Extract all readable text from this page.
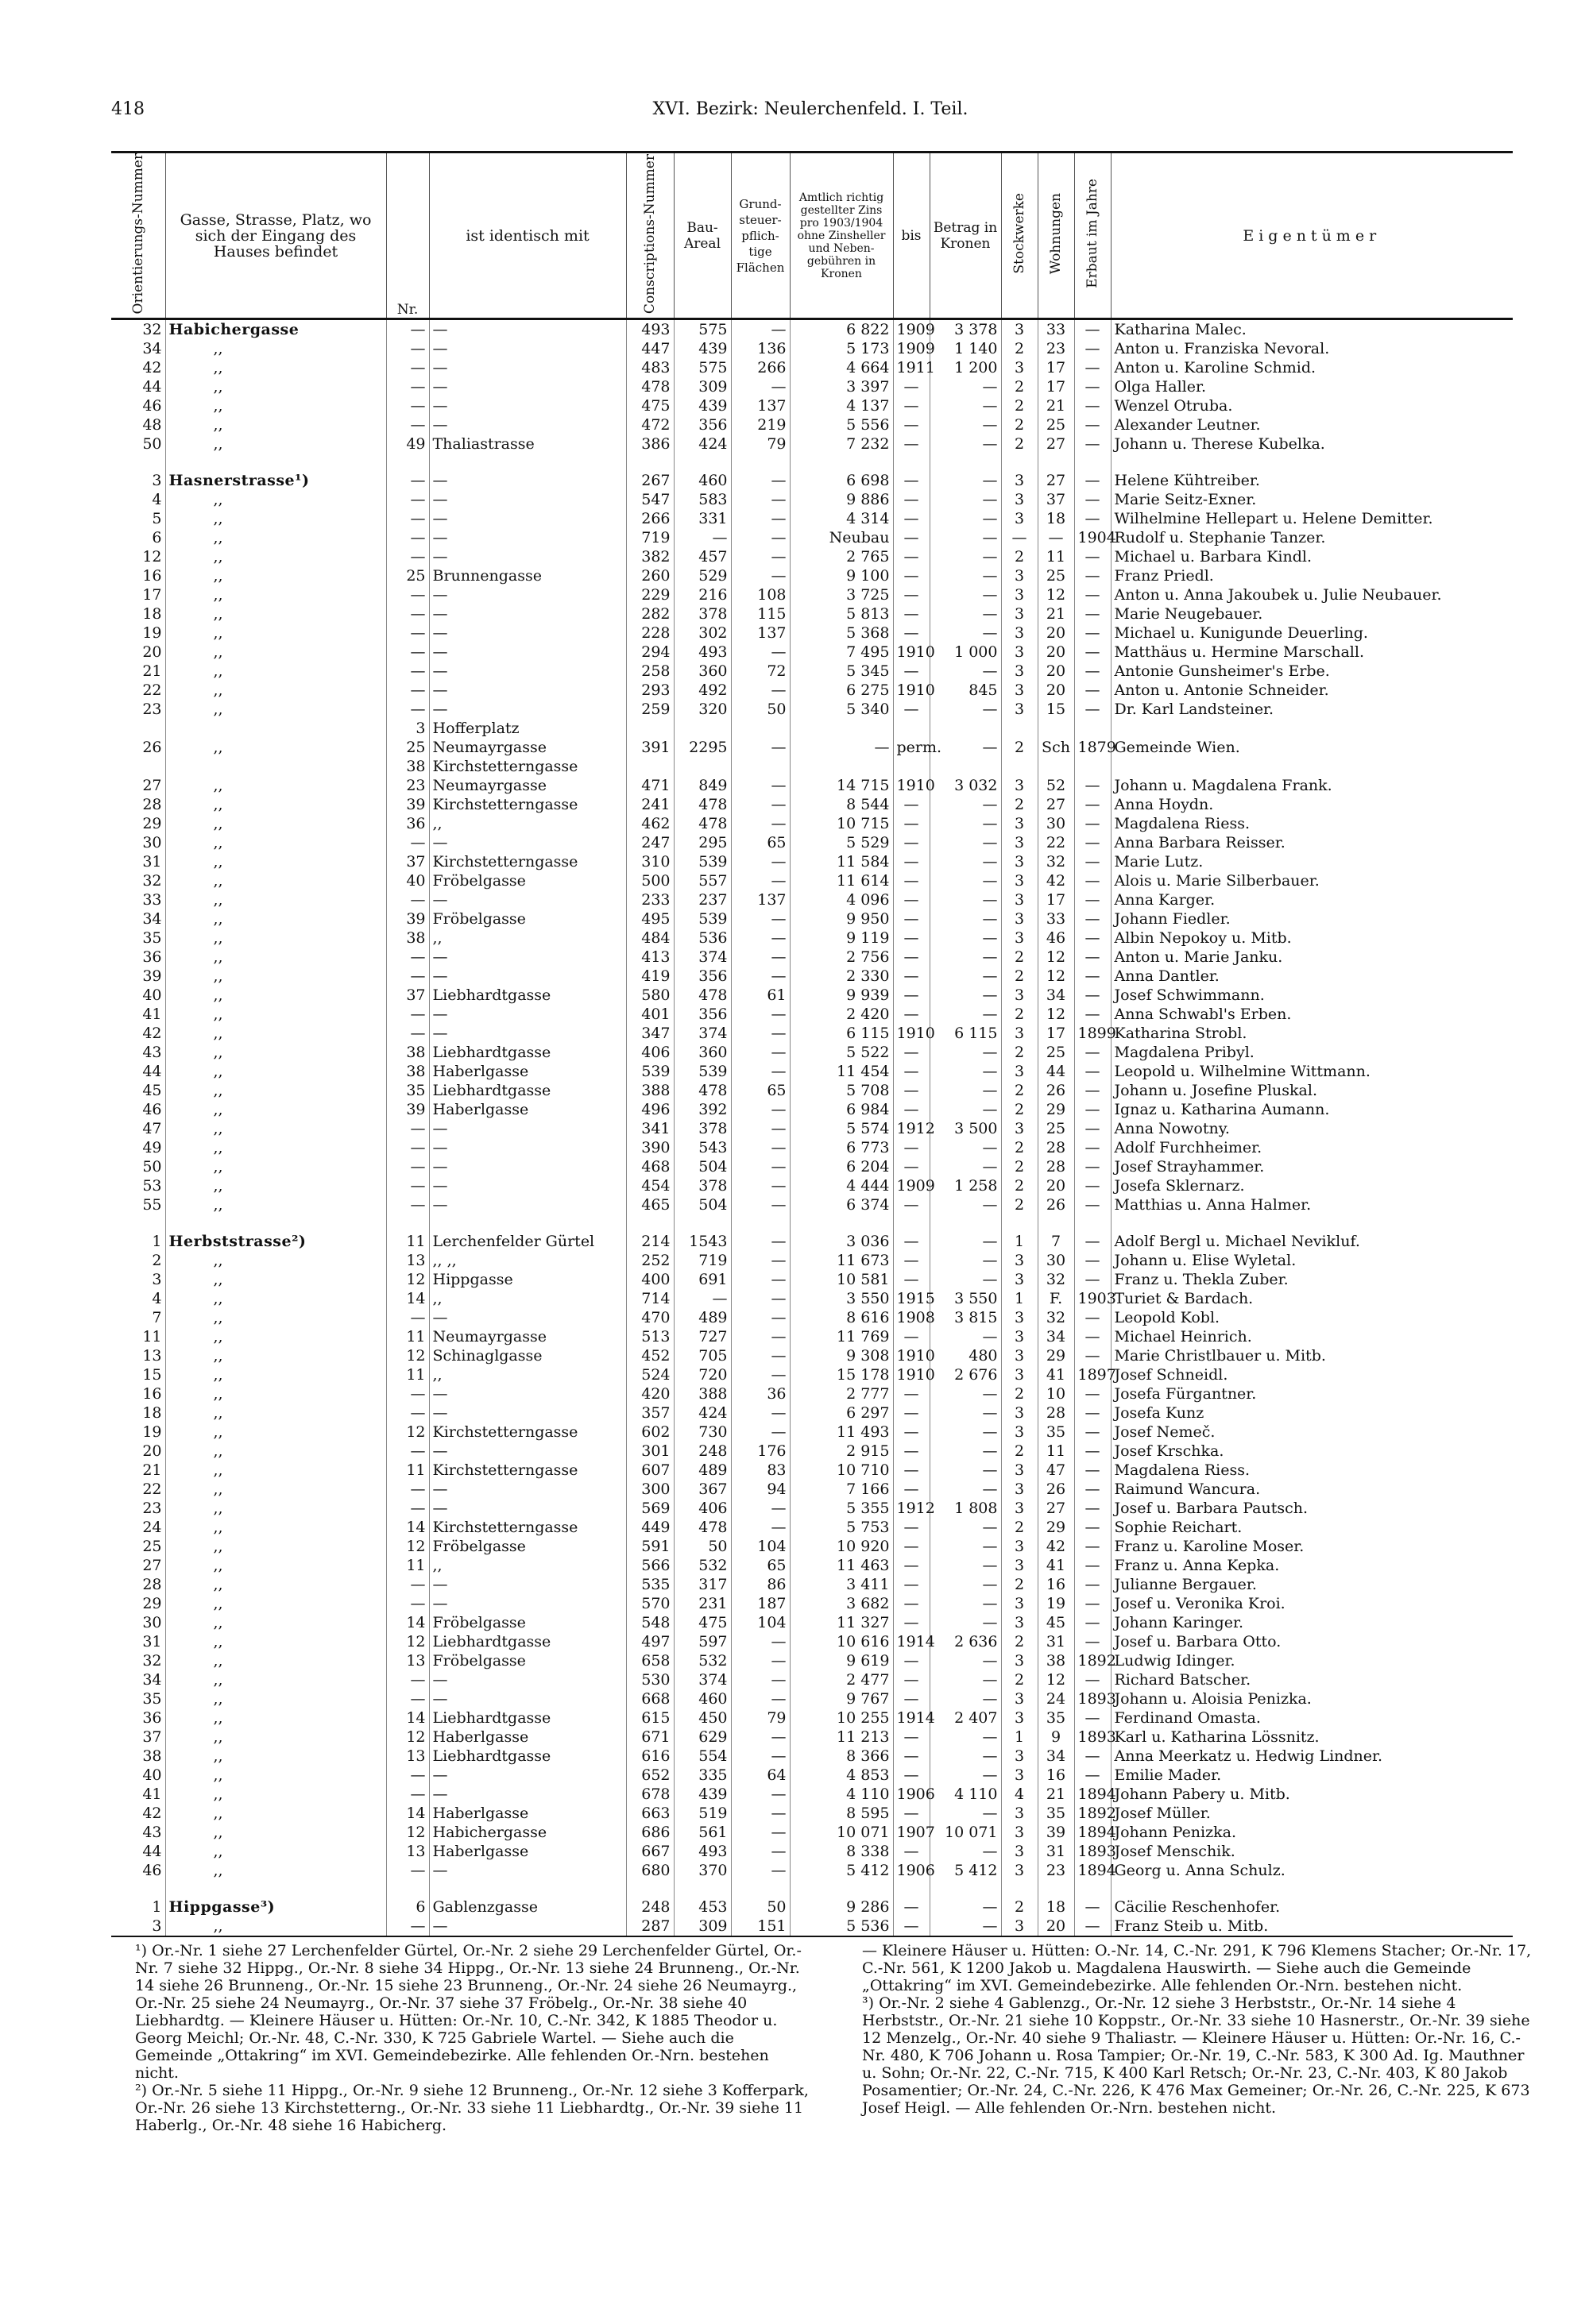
418	XVI. Bezirk: Neulerchenfeld. I. Teil.
Orientierungs-Nummer	Gasse, Strasse, Platz, wo sich der Eingang des Hauses befindet	Nr.	ist identisch mit	Conscriptions-Nummer	Bau-Areal	Grund-steuer-pflich-tige Flächen	Amtlich richtig gestellter Zins pro 1903/1904 ohne Zinsheller und Neben-gebühren in Kronen	bis	Betrag in Kronen	Stockwerke	Wohnungen	Erbaut im Jahre	Eigentümer
32	Habichergasse	—	—	493	575	—	6 822	1909	3 378	3	33	—	Katharina Malec.
34	,,	—	—	447	439	136	5 173	1909	1 140	2	23	—	Anton u. Franziska Nevoral.
42	,,	—	—	483	575	266	4 664	1911	1 200	3	17	—	Anton u. Karoline Schmid.
44	,,	—	—	478	309	—	3 397	—	—	2	17	—	Olga Haller.
46	,,	—	—	475	439	137	4 137	—	—	2	21	—	Wenzel Otruba.
48	,,	—	—	472	356	219	5 556	—	—	2	25	—	Alexander Leutner.
50	,,	49	Thaliastrasse	386	424	79	7 232	—	—	2	27	—	Johann u. Therese Kubelka.

3	Hasnerstrasse¹)	—	—	267	460	—	6 698	—	—	3	27	—	Helene Kühtreiber.
4	,,	—	—	547	583	—	9 886	—	—	3	37	—	Marie Seitz-Exner.
5	,,	—	—	266	331	—	4 314	—	—	3	18	—	Wilhelmine Hellepart u. Helene Demitter.
6	,,	—	—	719	—	—	Neubau	—	—	—	—	1904	Rudolf u. Stephanie Tanzer.
12	,,	—	—	382	457	—	2 765	—	—	2	11	—	Michael u. Barbara Kindl.
16	,,	25	Brunnengasse	260	529	—	9 100	—	—	3	25	—	Franz Priedl.
17	,,	—	—	229	216	108	3 725	—	—	3	12	—	Anton u. Anna Jakoubek u. Julie Neubauer.
18	,,	—	—	282	378	115	5 813	—	—	3	21	—	Marie Neugebauer.
19	,,	—	—	228	302	137	5 368	—	—	3	20	—	Michael u. Kunigunde Deuerling.
20	,,	—	—	294	493	—	7 495	1910	1 000	3	20	—	Matthäus u. Hermine Marschall.
21	,,	—	—	258	360	72	5 345	—	—	3	20	—	Antonie Gunsheimer's Erbe.
22	,,	—	—	293	492	—	6 275	1910	845	3	20	—	Anton u. Antonie Schneider.
23	,,	—	—	259	320	50	5 340	—	—	3	15	—	Dr. Karl Landsteiner.
		3	Hofferplatz										
26	,,	25	Neumayrgasse	391	2295	—	—	perm.	—	2	Sch	1879	Gemeinde Wien.
		38	Kirchstetterngasse										
27	,,	23	Neumayrgasse	471	849	—	14 715	1910	3 032	3	52	—	Johann u. Magdalena Frank.
28	,,	39	Kirchstetterngasse	241	478	—	8 544	—	—	2	27	—	Anna Hoydn.
29	,,	36	,,	462	478	—	10 715	—	—	3	30	—	Magdalena Riess.
30	,,	—	—	247	295	65	5 529	—	—	3	22	—	Anna Barbara Reisser.
31	,,	37	Kirchstetterngasse	310	539	—	11 584	—	—	3	32	—	Marie Lutz.
32	,,	40	Fröbelgasse	500	557	—	11 614	—	—	3	42	—	Alois u. Marie Silberbauer.
33	,,	—	—	233	237	137	4 096	—	—	3	17	—	Anna Karger.
34	,,	39	Fröbelgasse	495	539	—	9 950	—	—	3	33	—	Johann Fiedler.
35	,,	38	,,	484	536	—	9 119	—	—	3	46	—	Albin Nepokoy u. Mitb.
36	,,	—	—	413	374	—	2 756	—	—	2	12	—	Anton u. Marie Janku.
39	,,	—	—	419	356	—	2 330	—	—	2	12	—	Anna Dantler.
40	,,	37	Liebhardtgasse	580	478	61	9 939	—	—	3	34	—	Josef Schwimmann.
41	,,	—	—	401	356	—	2 420	—	—	2	12	—	Anna Schwabl's Erben.
42	,,	—	—	347	374	—	6 115	1910	6 115	3	17	1899	Katharina Strobl.
43	,,	38	Liebhardtgasse	406	360	—	5 522	—	—	2	25	—	Magdalena Pribyl.
44	,,	38	Haberlgasse	539	539	—	11 454	—	—	3	44	—	Leopold u. Wilhelmine Wittmann.
45	,,	35	Liebhardtgasse	388	478	65	5 708	—	—	2	26	—	Johann u. Josefine Pluskal.
46	,,	39	Haberlgasse	496	392	—	6 984	—	—	2	29	—	Ignaz u. Katharina Aumann.
47	,,	—	—	341	378	—	5 574	1912	3 500	3	25	—	Anna Nowotny.
49	,,	—	—	390	543	—	6 773	—	—	2	28	—	Adolf Furchheimer.
50	,,	—	—	468	504	—	6 204	—	—	2	28	—	Josef Strayhammer.
53	,,	—	—	454	378	—	4 444	1909	1 258	2	20	—	Josefa Sklernarz.
55	,,	—	—	465	504	—	6 374	—	—	2	26	—	Matthias u. Anna Halmer.

1	Herbststrasse²)	11	Lerchenfelder Gürtel	214	1543	—	3 036	—	—	1	7	—	Adolf Bergl u. Michael Nevikluf.
2	,,	13	,, ,,	252	719	—	11 673	—	—	3	30	—	Johann u. Elise Wyletal.
3	,,	12	Hippgasse	400	691	—	10 581	—	—	3	32	—	Franz u. Thekla Zuber.
4	,,	14	,,	714	—	—	3 550	1915	3 550	1	F.	1903	Turiet & Bardach.
7	,,	—	—	470	489	—	8 616	1908	3 815	3	32	—	Leopold Kobl.
11	,,	11	Neumayrgasse	513	727	—	11 769	—	—	3	34	—	Michael Heinrich.
13	,,	12	Schinaglgasse	452	705	—	9 308	1910	480	3	29	—	Marie Christlbauer u. Mitb.
15	,,	11	,,	524	720	—	15 178	1910	2 676	3	41	1897	Josef Schneidl.
16	,,	—	—	420	388	36	2 777	—	—	2	10	—	Josefa Fürgantner.
18	,,	—	—	357	424	—	6 297	—	—	3	28	—	Josefa Kunz
19	,,	12	Kirchstetterngasse	602	730	—	11 493	—	—	3	35	—	Josef Nemeč.
20	,,	—	—	301	248	176	2 915	—	—	2	11	—	Josef Krschka.
21	,,	11	Kirchstetterngasse	607	489	83	10 710	—	—	3	47	—	Magdalena Riess.
22	,,	—	—	300	367	94	7 166	—	—	3	26	—	Raimund Wancura.
23	,,	—	—	569	406	—	5 355	1912	1 808	3	27	—	Josef u. Barbara Pautsch.
24	,,	14	Kirchstetterngasse	449	478	—	5 753	—	—	2	29	—	Sophie Reichart.
25	,,	12	Fröbelgasse	591	50	104	10 920	—	—	3	42	—	Franz u. Karoline Moser.
27	,,	11	,,	566	532	65	11 463	—	—	3	41	—	Franz u. Anna Kepka.
28	,,	—	—	535	317	86	3 411	—	—	2	16	—	Julianne Bergauer.
29	,,	—	—	570	231	187	3 682	—	—	3	19	—	Josef u. Veronika Kroi.
30	,,	14	Fröbelgasse	548	475	104	11 327	—	—	3	45	—	Johann Karinger.
31	,,	12	Liebhardtgasse	497	597	—	10 616	1914	2 636	2	31	—	Josef u. Barbara Otto.
32	,,	13	Fröbelgasse	658	532	—	9 619	—	—	3	38	1892	Ludwig Idinger.
34	,,	—	—	530	374	—	2 477	—	—	2	12	—	Richard Batscher.
35	,,	—	—	668	460	—	9 767	—	—	3	24	1893	Johann u. Aloisia Penizka.
36	,,	14	Liebhardtgasse	615	450	79	10 255	1914	2 407	3	35	—	Ferdinand Omasta.
37	,,	12	Haberlgasse	671	629	—	11 213	—	—	1	9	1893	Karl u. Katharina Lössnitz.
38	,,	13	Liebhardtgasse	616	554	—	8 366	—	—	3	34	—	Anna Meerkatz u. Hedwig Lindner.
40	,,	—	—	652	335	64	4 853	—	—	3	16	—	Emilie Mader.
41	,,	—	—	678	439	—	4 110	1906	4 110	4	21	1894	Johann Pabery u. Mitb.
42	,,	14	Haberlgasse	663	519	—	8 595	—	—	3	35	1892	Josef Müller.
43	,,	12	Habichergasse	686	561	—	10 071	1907	10 071	3	39	1894	Johann Penizka.
44	,,	13	Haberlgasse	667	493	—	8 338	—	—	3	31	1893	Josef Menschik.
46	,,	—	—	680	370	—	5 412	1906	5 412	3	23	1894	Georg u. Anna Schulz.

1	Hippgasse³)	6	Gablenzgasse	248	453	50	9 286	—	—	2	18	—	Cäcilie Reschenhofer.
3	,,	—	—	287	309	151	5 536	—	—	3	20	—	Franz Steib u. Mitb.
¹) Or.-Nr. 1 siehe 27 Lerchenfelder Gürtel, Or.-Nr. 2 siehe 29 Lerchenfelder Gürtel, Or.-Nr. 7 siehe 32 Hippg., Or.-Nr. 8 siehe 34 Hippg., Or.-Nr. 13 siehe 24 Brunneng., Or.-Nr. 14 siehe 26 Brunneng., Or.-Nr. 15 siehe 23 Brunneng., Or.-Nr. 24 siehe 26 Neumayrg., Or.-Nr. 25 siehe 24 Neumayrg., Or.-Nr. 37 siehe 37 Fröbelg., Or.-Nr. 38 siehe 40 Liebhardtg. — Kleinere Häuser u. Hütten: Or.-Nr. 10, C.-Nr. 342, K 1885 Theodor u. Georg Meichl; Or.-Nr. 48, C.-Nr. 330, K 725 Gabriele Wartel. — Siehe auch die Gemeinde „Ottakring“ im XVI. Gemeindebezirke. Alle fehlenden Or.-Nrn. bestehen nicht.
²) Or.-Nr. 5 siehe 11 Hippg., Or.-Nr. 9 siehe 12 Brunneng., Or.-Nr. 12 siehe 3 Kofferpark, Or.-Nr. 26 siehe 13 Kirchstetterng., Or.-Nr. 33 siehe 11 Liebhardtg., Or.-Nr. 39 siehe 11 Haberlg., Or.-Nr. 48 siehe 16 Habicherg.
— Kleinere Häuser u. Hütten: O.-Nr. 14, C.-Nr. 291, K 796 Klemens Stacher; Or.-Nr. 17, C.-Nr. 561, K 1200 Jakob u. Magdalena Hauswirth. — Siehe auch die Gemeinde „Ottakring“ im XVI. Gemeindebezirke. Alle fehlenden Or.-Nrn. bestehen nicht.
³) Or.-Nr. 2 siehe 4 Gablenzg., Or.-Nr. 12 siehe 3 Herbststr., Or.-Nr. 14 siehe 4 Herbststr., Or.-Nr. 21 siehe 10 Koppstr., Or.-Nr. 33 siehe 10 Hasnerstr., Or.-Nr. 39 siehe 12 Menzelg., Or.-Nr. 40 siehe 9 Thaliastr. — Kleinere Häuser u. Hütten: Or.-Nr. 16, C.-Nr. 480, K 706 Johann u. Rosa Tampier; Or.-Nr. 19, C.-Nr. 583, K 300 Ad. Ig. Mauthner u. Sohn; Or.-Nr. 22, C.-Nr. 715, K 400 Karl Retsch; Or.-Nr. 23, C.-Nr. 403, K 80 Jakob Posamentier; Or.-Nr. 24, C.-Nr. 226, K 476 Max Gemeiner; Or.-Nr. 26, C.-Nr. 225, K 673 Josef Heigl. — Alle fehlenden Or.-Nrn. bestehen nicht.
